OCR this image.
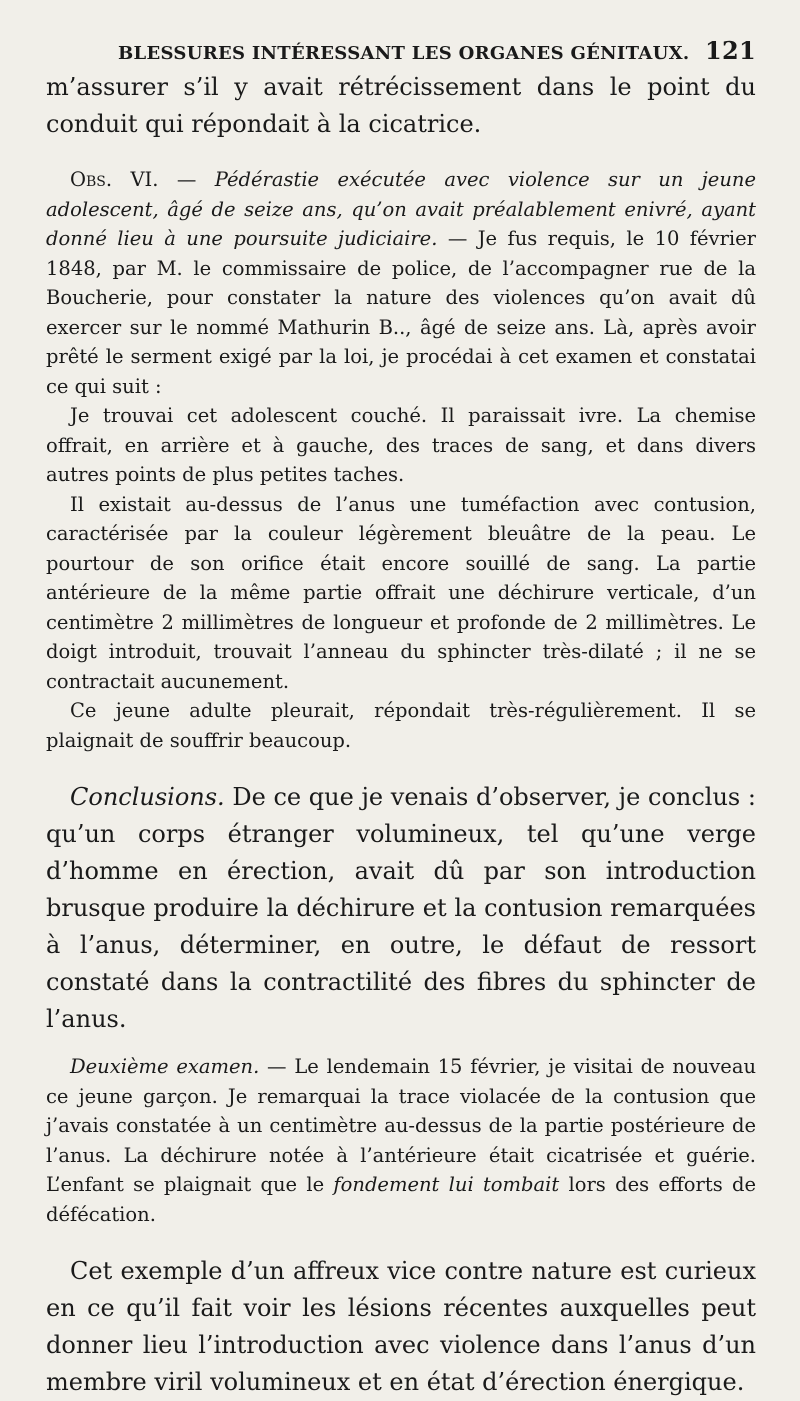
BLESSURES INTÉRESSANT LES ORGANES GÉNITAUX. 121

m’assurer s’il y avait rétrécissement dans le point du conduit qui répondait à la cicatrice.

Obs. VI. — Pédérastie exécutée avec violence sur un jeune adolescent, âgé de seize ans, qu’on avait préalablement enivré, ayant donné lieu à une poursuite judiciaire. — Je fus requis, le 10 février 1848, par M. le commissaire de police, de l’accompagner rue de la Boucherie, pour constater la nature des violences qu’on avait dû exercer sur le nommé Mathurin B.., âgé de seize ans. Là, après avoir prêté le serment exigé par la loi, je procédai à cet examen et constatai ce qui suit :

Je trouvai cet adolescent couché. Il paraissait ivre. La chemise offrait, en arrière et à gauche, des traces de sang, et dans divers autres points de plus petites taches.

Il existait au-dessus de l’anus une tuméfaction avec contusion, caractérisée par la couleur légèrement bleuâtre de la peau. Le pourtour de son orifice était encore souillé de sang. La partie antérieure de la même partie offrait une déchirure verticale, d’un centimètre 2 millimètres de longueur et profonde de 2 millimètres. Le doigt introduit, trouvait l’anneau du sphincter très-dilaté ; il ne se contractait aucunement.

Ce jeune adulte pleurait, répondait très-régulièrement. Il se plaignait de souffrir beaucoup.

Conclusions. De ce que je venais d’observer, je conclus : qu’un corps étranger volumineux, tel qu’une verge d’homme en érection, avait dû par son introduction brusque produire la déchirure et la contusion remarquées à l’anus, déterminer, en outre, le défaut de ressort constaté dans la contractilité des fibres du sphincter de l’anus.

Deuxième examen. — Le lendemain 15 février, je visitai de nouveau ce jeune garçon. Je remarquai la trace violacée de la contusion que j’avais constatée à un centimètre au-dessus de la partie postérieure de l’anus. La déchirure notée à l’antérieure était cicatrisée et guérie. L’enfant se plaignait que le fondement lui tombait lors des efforts de défécation.

Cet exemple d’un affreux vice contre nature est curieux en ce qu’il fait voir les lésions récentes auxquelles peut donner lieu l’introduction avec violence dans l’anus d’un membre viril volumineux et en état d’érection énergique.
